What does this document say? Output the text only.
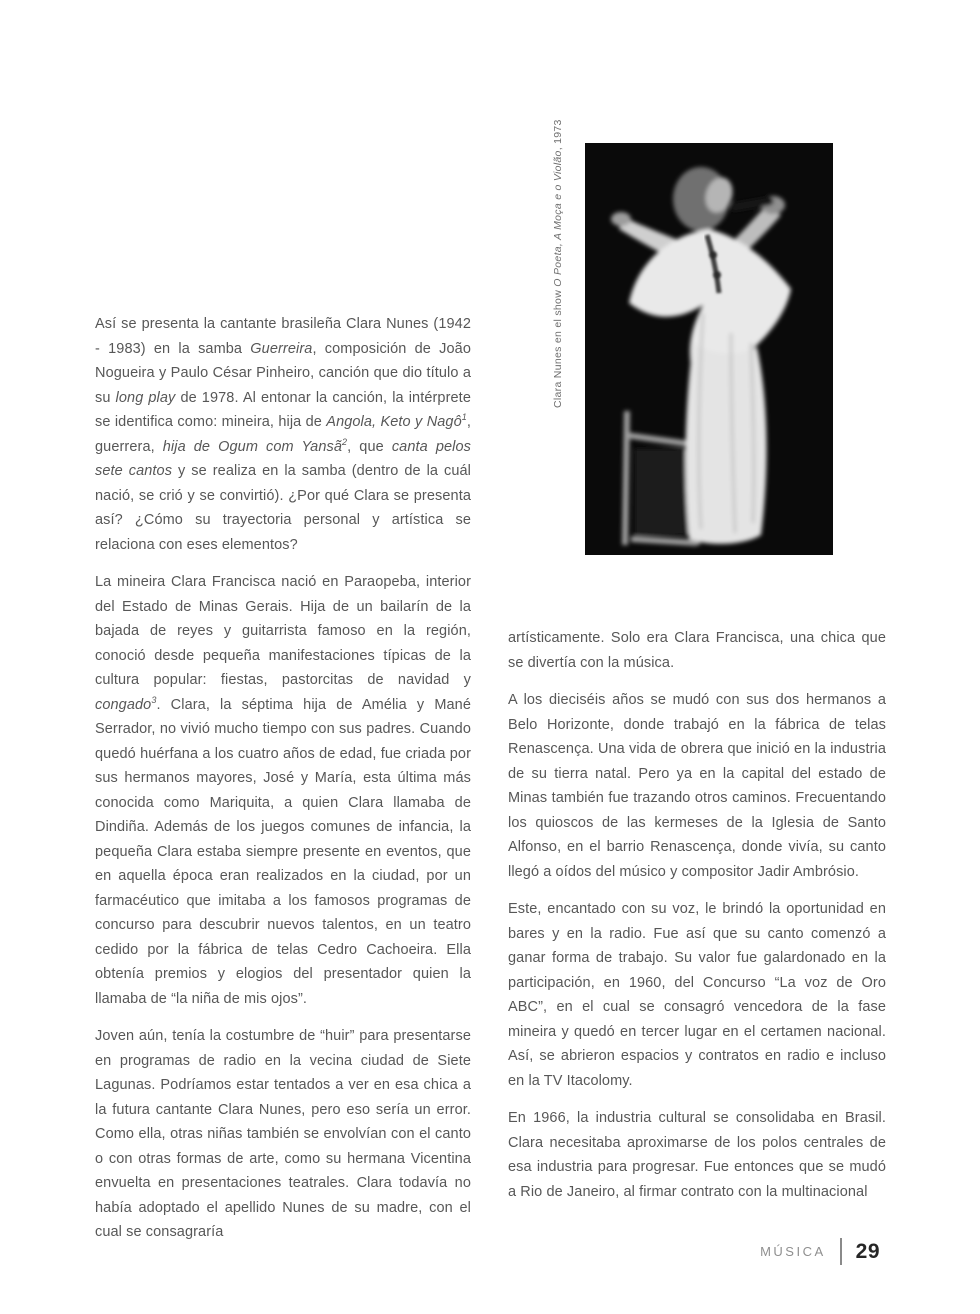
Clara Nunes en el show O Poeta, A Moça e o Violão, 1973

Así se presenta la cantante brasileña Clara Nunes (1942 - 1983) en la samba Guerreira, composición de João Nogueira y Paulo César Pinheiro, canción que dio título a su long play de 1978. Al entonar la canción, la intérprete se identifica como: mineira, hija de Angola, Keto y Nagô$^1$, guerrera, hija de Ogum com Yansã$^2$, que canta pelos sete cantos y se realiza en la samba (dentro de la cuál nació, se crió y se convirtió). ¿Por qué Clara se presenta así? ¿Cómo su trayectoria personal y artística se relaciona con eses elementos?

La mineira Clara Francisca nació en Paraopeba, interior del Estado de Minas Gerais. Hija de un bailarín de la bajada de reyes y guitarrista famoso en la región, conoció desde pequeña manifestaciones típicas de la cultura popular: fiestas, pastorcitas de navidad y congado$^3$. Clara, la séptima hija de Amélia y Mané Serrador, no vivió mucho tiempo con sus padres. Cuando quedó huérfana a los cuatro años de edad, fue criada por sus hermanos mayores, José y María, esta última más conocida como Mariquita, a quien Clara llamaba de Dindiña. Además de los juegos comunes de infancia, la pequeña Clara estaba siempre presente en eventos, que en aquella época eran realizados en la ciudad, por un farmacéutico que imitaba a los famosos programas de concurso para descubrir nuevos talentos, en un teatro cedido por la fábrica de telas Cedro Cachoeira. Ella obtenía premios y elogios del presentador quien la llamaba de “la niña de mis ojos”.

Joven aún, tenía la costumbre de “huir” para presentarse en programas de radio en la vecina ciudad de Siete Lagunas. Podríamos estar tentados a ver en esa chica a la futura cantante Clara Nunes, pero eso sería un error. Como ella, otras niñas también se envolvían con el canto o con otras formas de arte, como su hermana Vicentina envuelta en presentaciones teatrales. Clara todavía no había adoptado el apellido Nunes de su madre, con el cual se consagraría

artísticamente. Solo era Clara Francisca, una chica que se divertía con la música.

A los dieciséis años se mudó con sus dos hermanos a Belo Horizonte, donde trabajó en la fábrica de telas Renascença. Una vida de obrera que inició en la industria de su tierra natal. Pero ya en la capital del estado de Minas también fue trazando otros caminos. Frecuentando los quioscos de las kermeses de la Iglesia de Santo Alfonso, en el barrio Renascença, donde vivía, su canto llegó a oídos del músico y compositor Jadir Ambrósio.

Este, encantado con su voz, le brindó la oportunidad en bares y en la radio. Fue así que su canto comenzó a ganar forma de trabajo. Su valor fue galardonado en la participación, en 1960, del Concurso “La voz de Oro ABC”, en el cual se consagró vencedora de la fase mineira y quedó en tercer lugar en el certamen nacional. Así, se abrieron espacios y contratos en radio e incluso en la TV Itacolomy.

En 1966, la industria cultural se consolidaba en Brasil. Clara necesitaba aproximarse de los polos centrales de esa industria para progresar. Fue entonces que se mudó a Rio de Janeiro, al firmar contrato con la multinacional

MÚSICA 29
